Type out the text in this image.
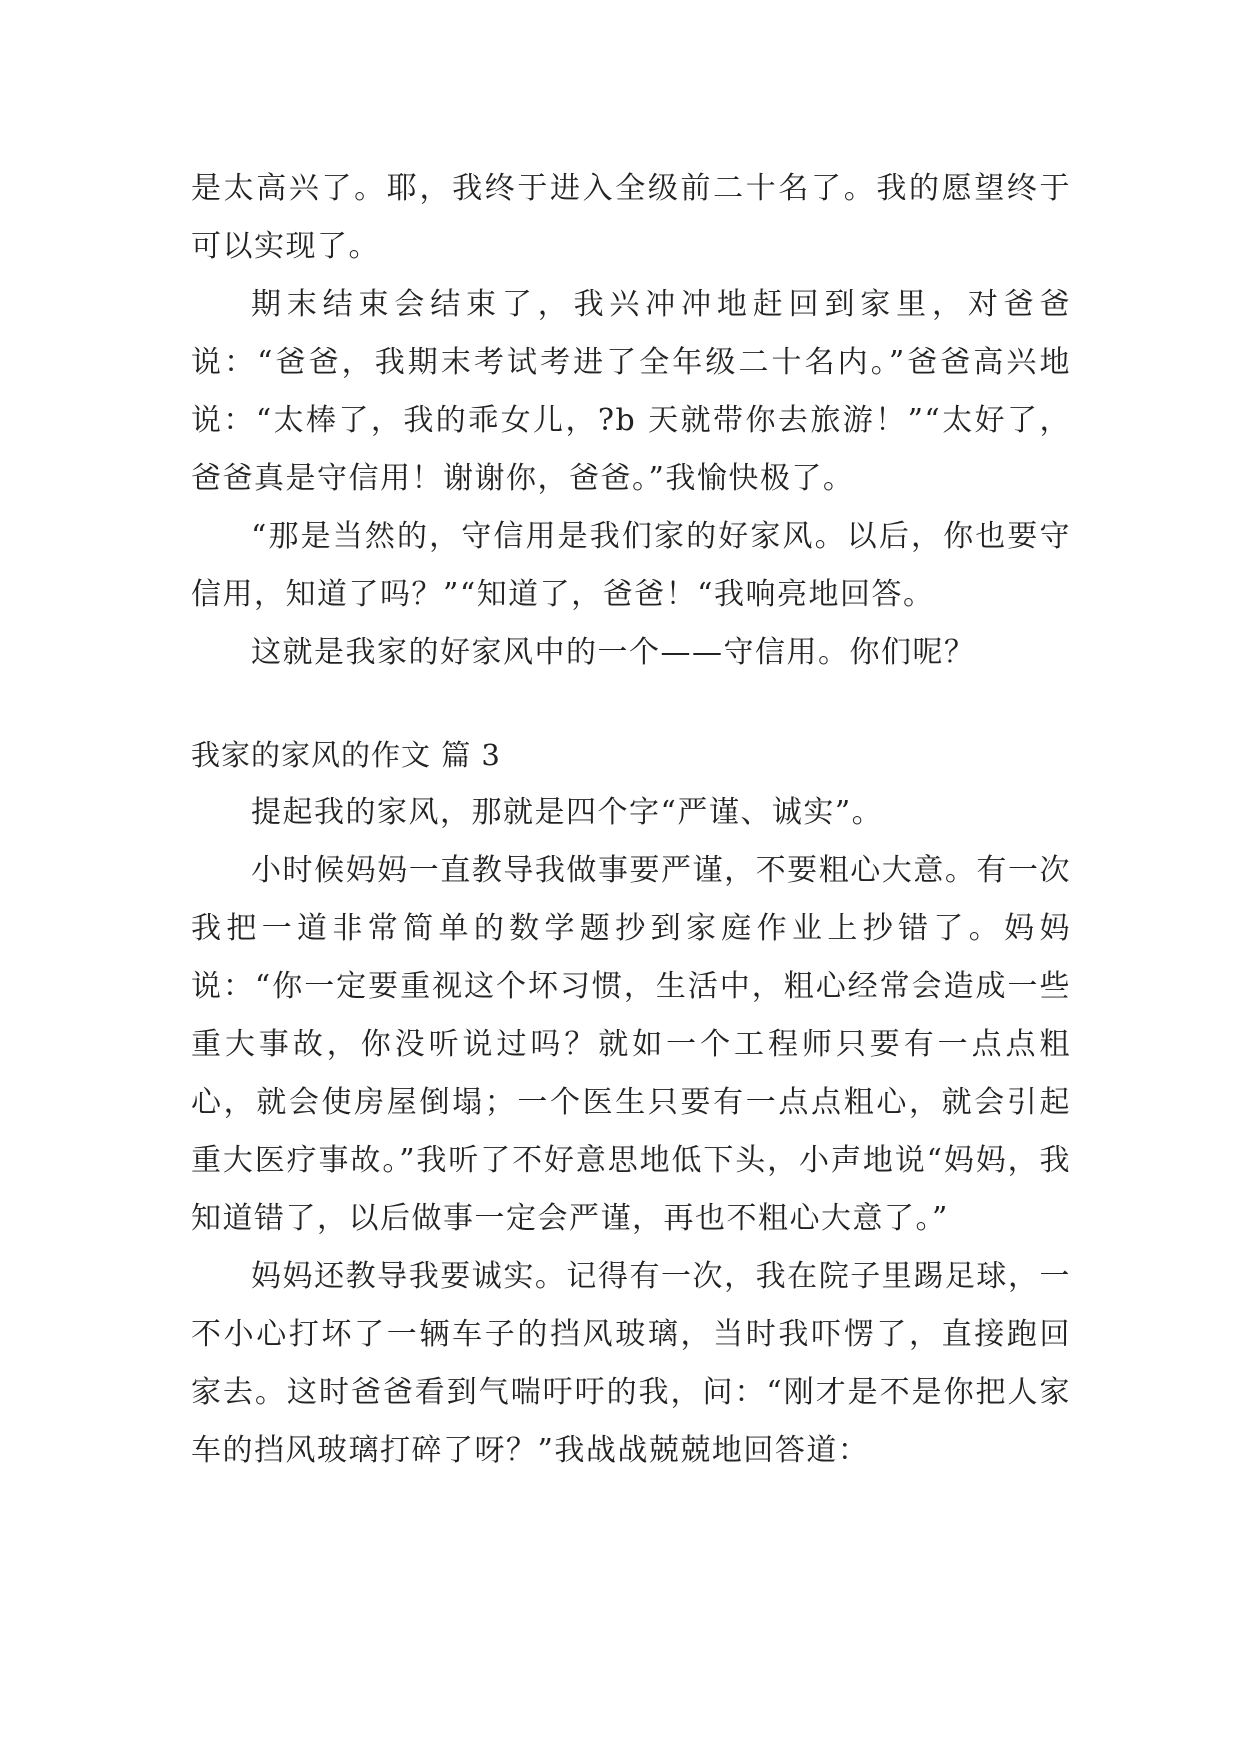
是太高兴了。耶，我终于进入全级前二十名了。我的愿望终于可以实现了。

期末结束会结束了，我兴冲冲地赶回到家里，对爸爸说：“爸爸，我期末考试考进了全年级二十名内。”爸爸高兴地说：“太棒了，我的乖女儿，?b 天就带你去旅游！”“太好了，爸爸真是守信用！谢谢你，爸爸。”我愉快极了。

“那是当然的，守信用是我们家的好家风。以后，你也要守信用，知道了吗？”“知道了，爸爸！“我响亮地回答。

这就是我家的好家风中的一个——守信用。你们呢？

我家的家风的作文 篇 3

提起我的家风，那就是四个字“严谨、诚实”。

小时候妈妈一直教导我做事要严谨，不要粗心大意。有一次我把一道非常简单的数学题抄到家庭作业上抄错了。妈妈说：“你一定要重视这个坏习惯，生活中，粗心经常会造成一些重大事故，你没听说过吗？就如一个工程师只要有一点点粗心，就会使房屋倒塌；一个医生只要有一点点粗心，就会引起重大医疗事故。”我听了不好意思地低下头，小声地说“妈妈，我知道错了，以后做事一定会严谨，再也不粗心大意了。”

妈妈还教导我要诚实。记得有一次，我在院子里踢足球，一不小心打坏了一辆车子的挡风玻璃，当时我吓愣了，直接跑回家去。这时爸爸看到气喘吁吁的我，问：“刚才是不是你把人家车的挡风玻璃打碎了呀？”我战战兢兢地回答道：
